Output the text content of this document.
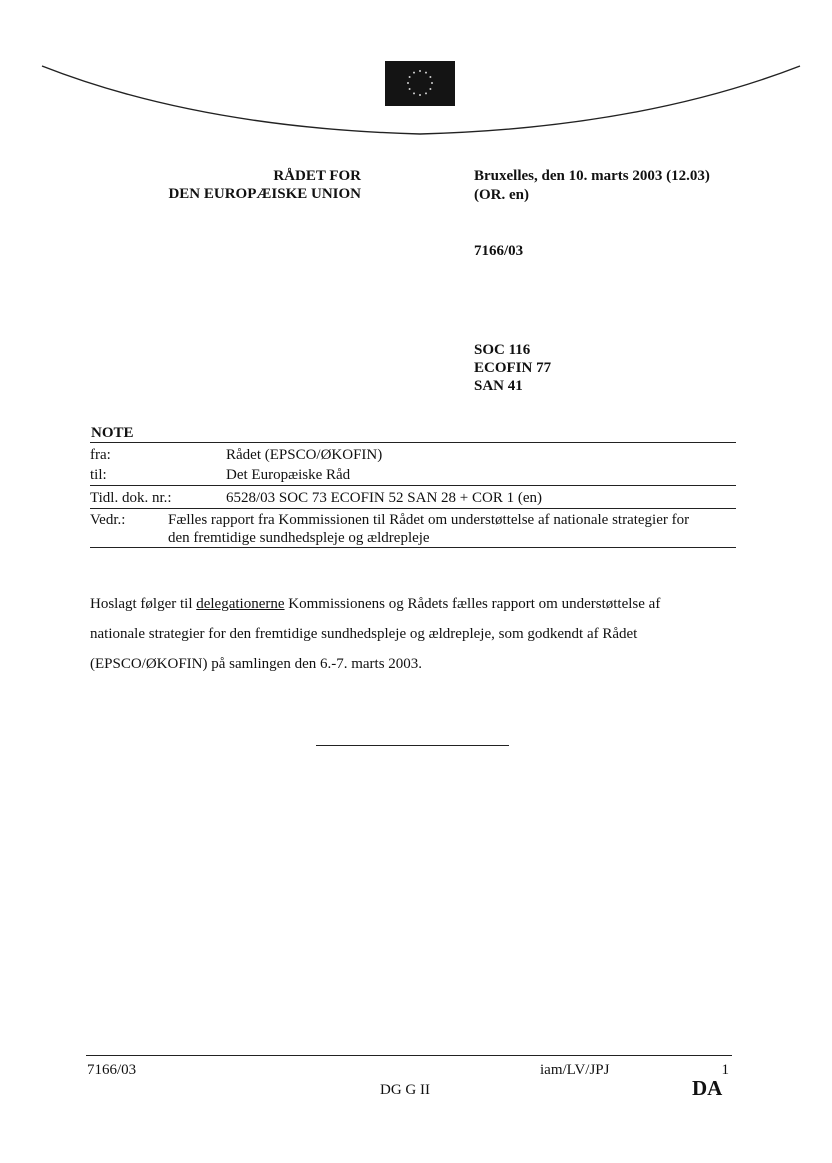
RÅDET FOR
DEN EUROPÆISKE UNION
Bruxelles, den 10. marts 2003 (12.03)
(OR. en)
7166/03
SOC 116
ECOFIN 77
SAN 41
NOTE
fra:	Rådet (EPSCO/ØKOFIN)
til:	Det Europæiske Råd
Tidl. dok. nr.:	6528/03 SOC 73 ECOFIN 52 SAN 28 + COR 1 (en)
Vedr.:	Fælles rapport fra Kommissionen til Rådet om understøttelse af nationale strategier for
den fremtidige sundhedspleje og ældrepleje
Hoslagt følger til delegationerne Kommissionens og Rådets fælles rapport om understøttelse af
nationale strategier for den fremtidige sundhedspleje og ældrepleje, som godkendt af Rådet
(EPSCO/ØKOFIN) på samlingen den 6.-7. marts 2003.
7166/03	iam/LV/JPJ	1
DG G II	DA
